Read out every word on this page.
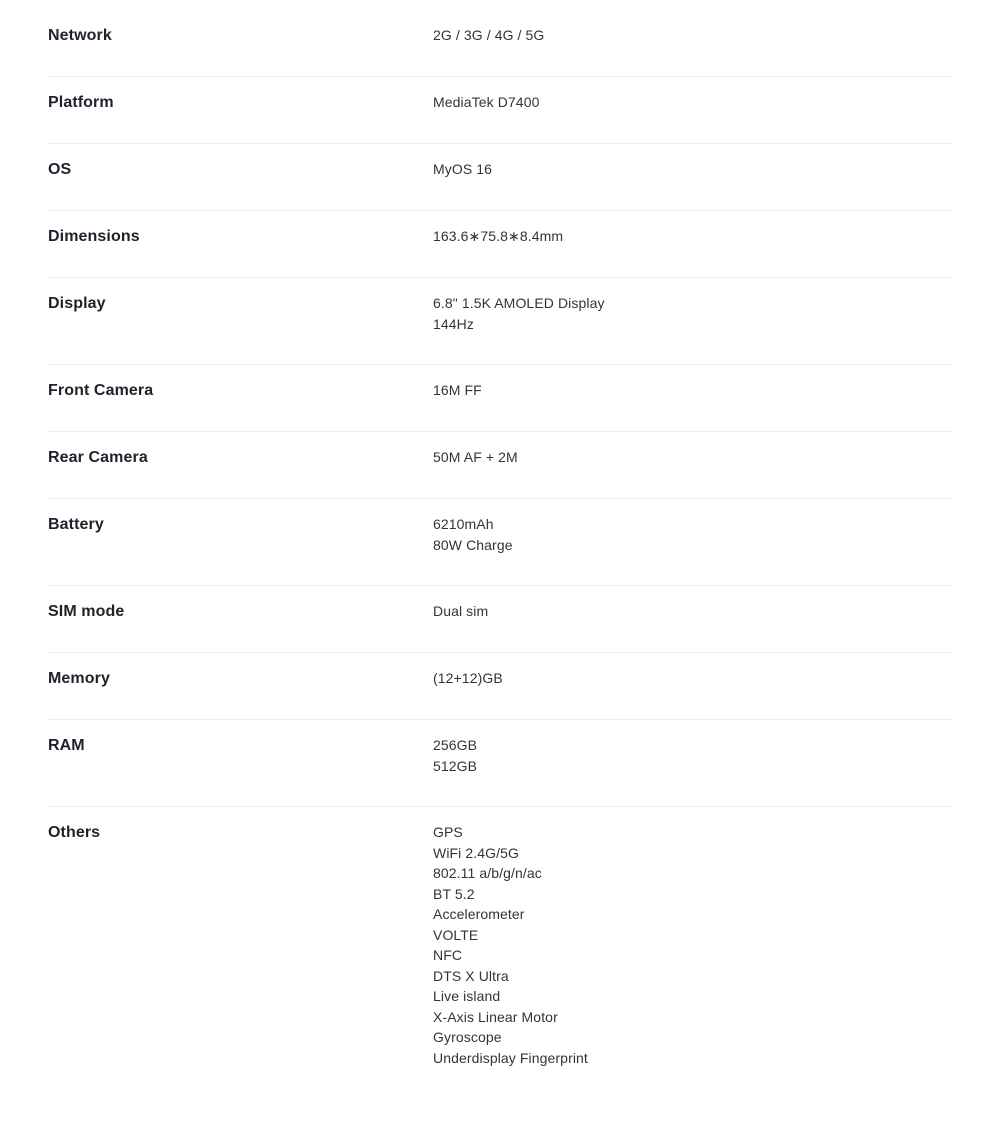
Network	2G / 3G / 4G / 5G
Platform	MediaTek D7400
OS	MyOS 16
Dimensions	163.6∗75.8∗8.4mm
Display	6.8" 1.5K AMOLED Display
144Hz
Front Camera	16M FF
Rear Camera	50M AF + 2M
Battery	6210mAh
80W Charge
SIM mode	Dual sim
Memory	(12+12)GB
RAM	256GB
512GB
Others	GPS
WiFi 2.4G/5G
802.11 a/b/g/n/ac
BT 5.2
Accelerometer
VOLTE
NFC
DTS X Ultra
Live island
X-Axis Linear Motor
Gyroscope
Underdisplay Fingerprint
